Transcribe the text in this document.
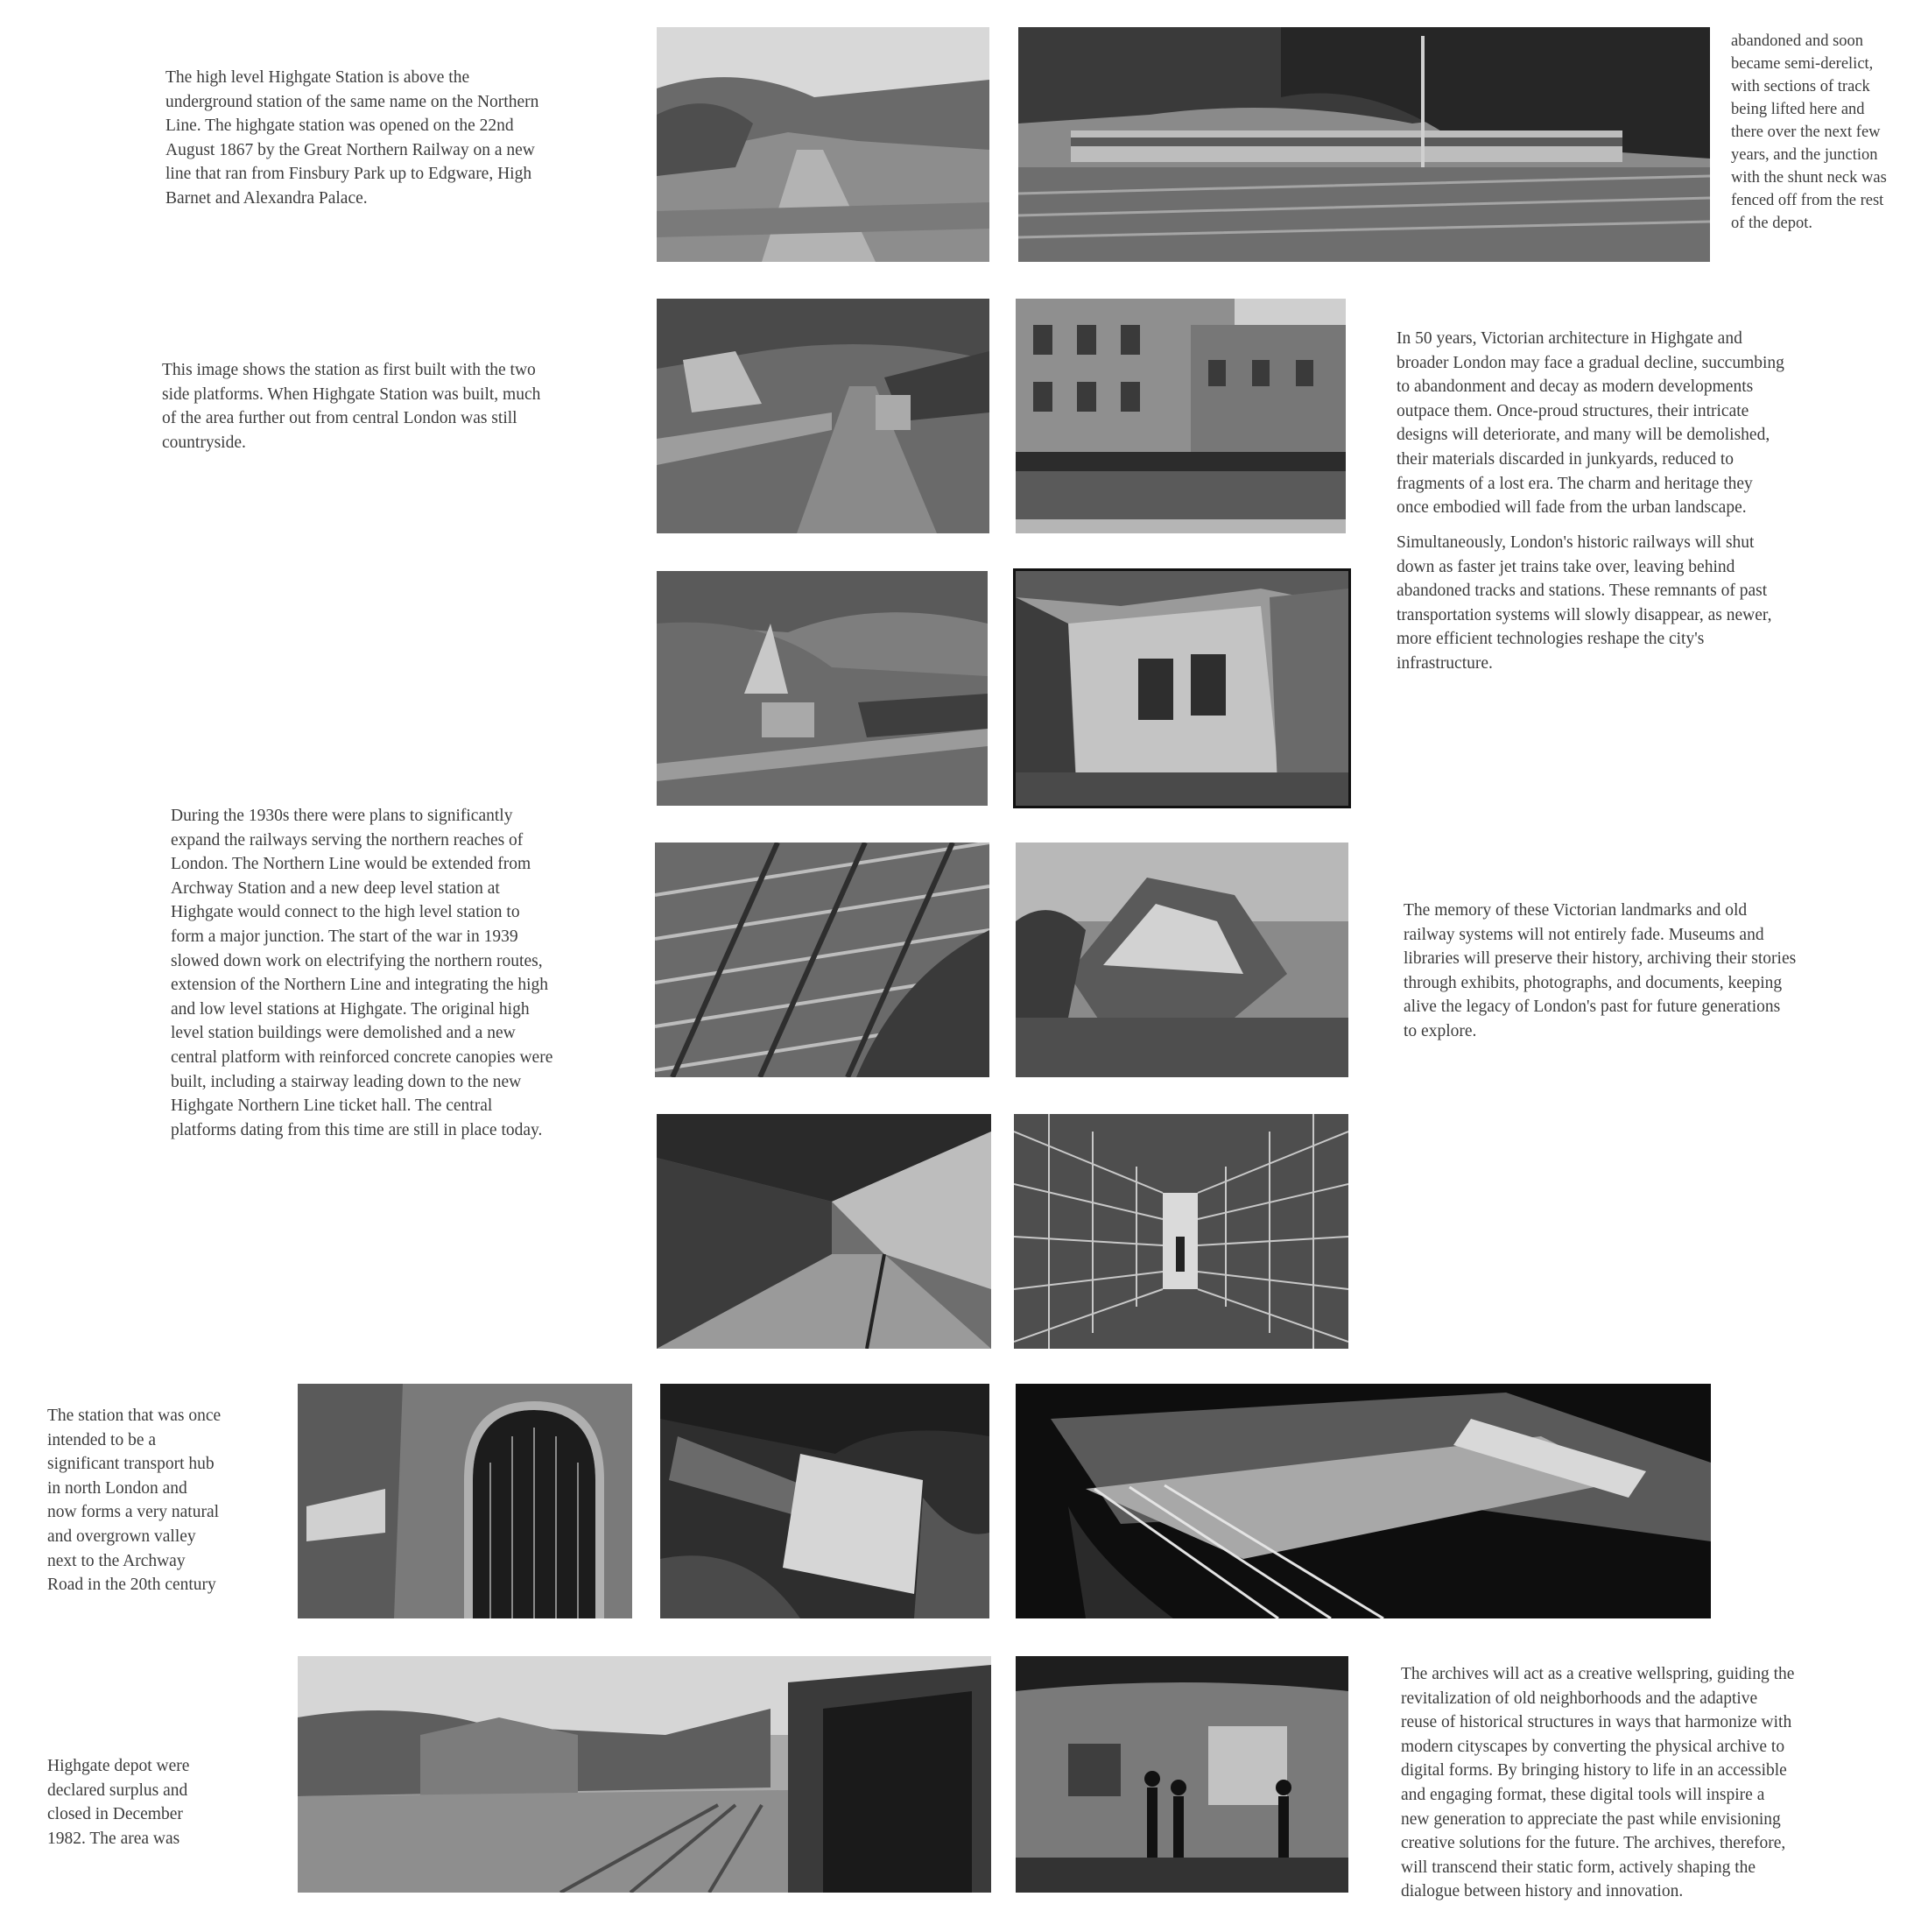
The high level Highgate Station is above the
underground station of the same name on the Northern
Line. The highgate station was opened on the 22nd
August 1867 by the Great Northern Railway on a new
line that ran from Finsbury Park up to Edgware, High
Barnet and Alexandra Palace.

abandoned and soon
became semi-derelict,
with sections of track
being lifted here and
there over the next few
years, and the junction
with the shunt neck was
fenced off from the rest
of the depot.

This image shows the station as first built with the two
side platforms. When Highgate Station was built, much
of the area further out from central London was still
countryside.

In 50 years, Victorian architecture in Highgate and
broader London may face a gradual decline, succumbing
to abandonment and decay as modern developments
outpace them. Once-proud structures, their intricate
designs will deteriorate, and many will be demolished,
their materials discarded in junkyards, reduced to
fragments of a lost era. The charm and heritage they
once embodied will fade from the urban landscape.

Simultaneously, London's historic railways will shut
down as faster jet trains take over, leaving behind
abandoned tracks and stations. These remnants of past
transportation systems will slowly disappear, as newer,
more efficient technologies reshape the city's
infrastructure.

During the 1930s there were plans to significantly
expand the railways serving the northern reaches of
London. The Northern Line would be extended from
Archway Station and a new deep level station at
Highgate would connect to the high level station to
form a major junction. The start of the war in 1939
slowed down work on electrifying the northern routes,
extension of the Northern Line and integrating the high
and low level stations at Highgate. The original high
level station buildings were demolished and a new
central platform with reinforced concrete canopies were
built, including a stairway leading down to the new
Highgate Northern Line ticket hall. The central
platforms dating from this time are still in place today.

The memory of these Victorian landmarks and old
railway systems will not entirely fade. Museums and
libraries will preserve their history, archiving their stories
through exhibits, photographs, and documents, keeping
alive the legacy of London's past for future generations
to explore.

The station that was once
intended to be a
significant transport hub
in north London and
now forms a very natural
and overgrown valley
next to the Archway
Road in the 20th century

Highgate depot were
declared surplus and
closed in December
1982. The area was

The archives will act as a creative wellspring, guiding the
revitalization of old neighborhoods and the adaptive
reuse of historical structures in ways that harmonize with
modern cityscapes by converting the physical archive to
digital forms. By bringing history to life in an accessible
and engaging format, these digital tools will inspire a
new generation to appreciate the past while envisioning
creative solutions for the future. The archives, therefore,
will transcend their static form, actively shaping the
dialogue between history and innovation.
